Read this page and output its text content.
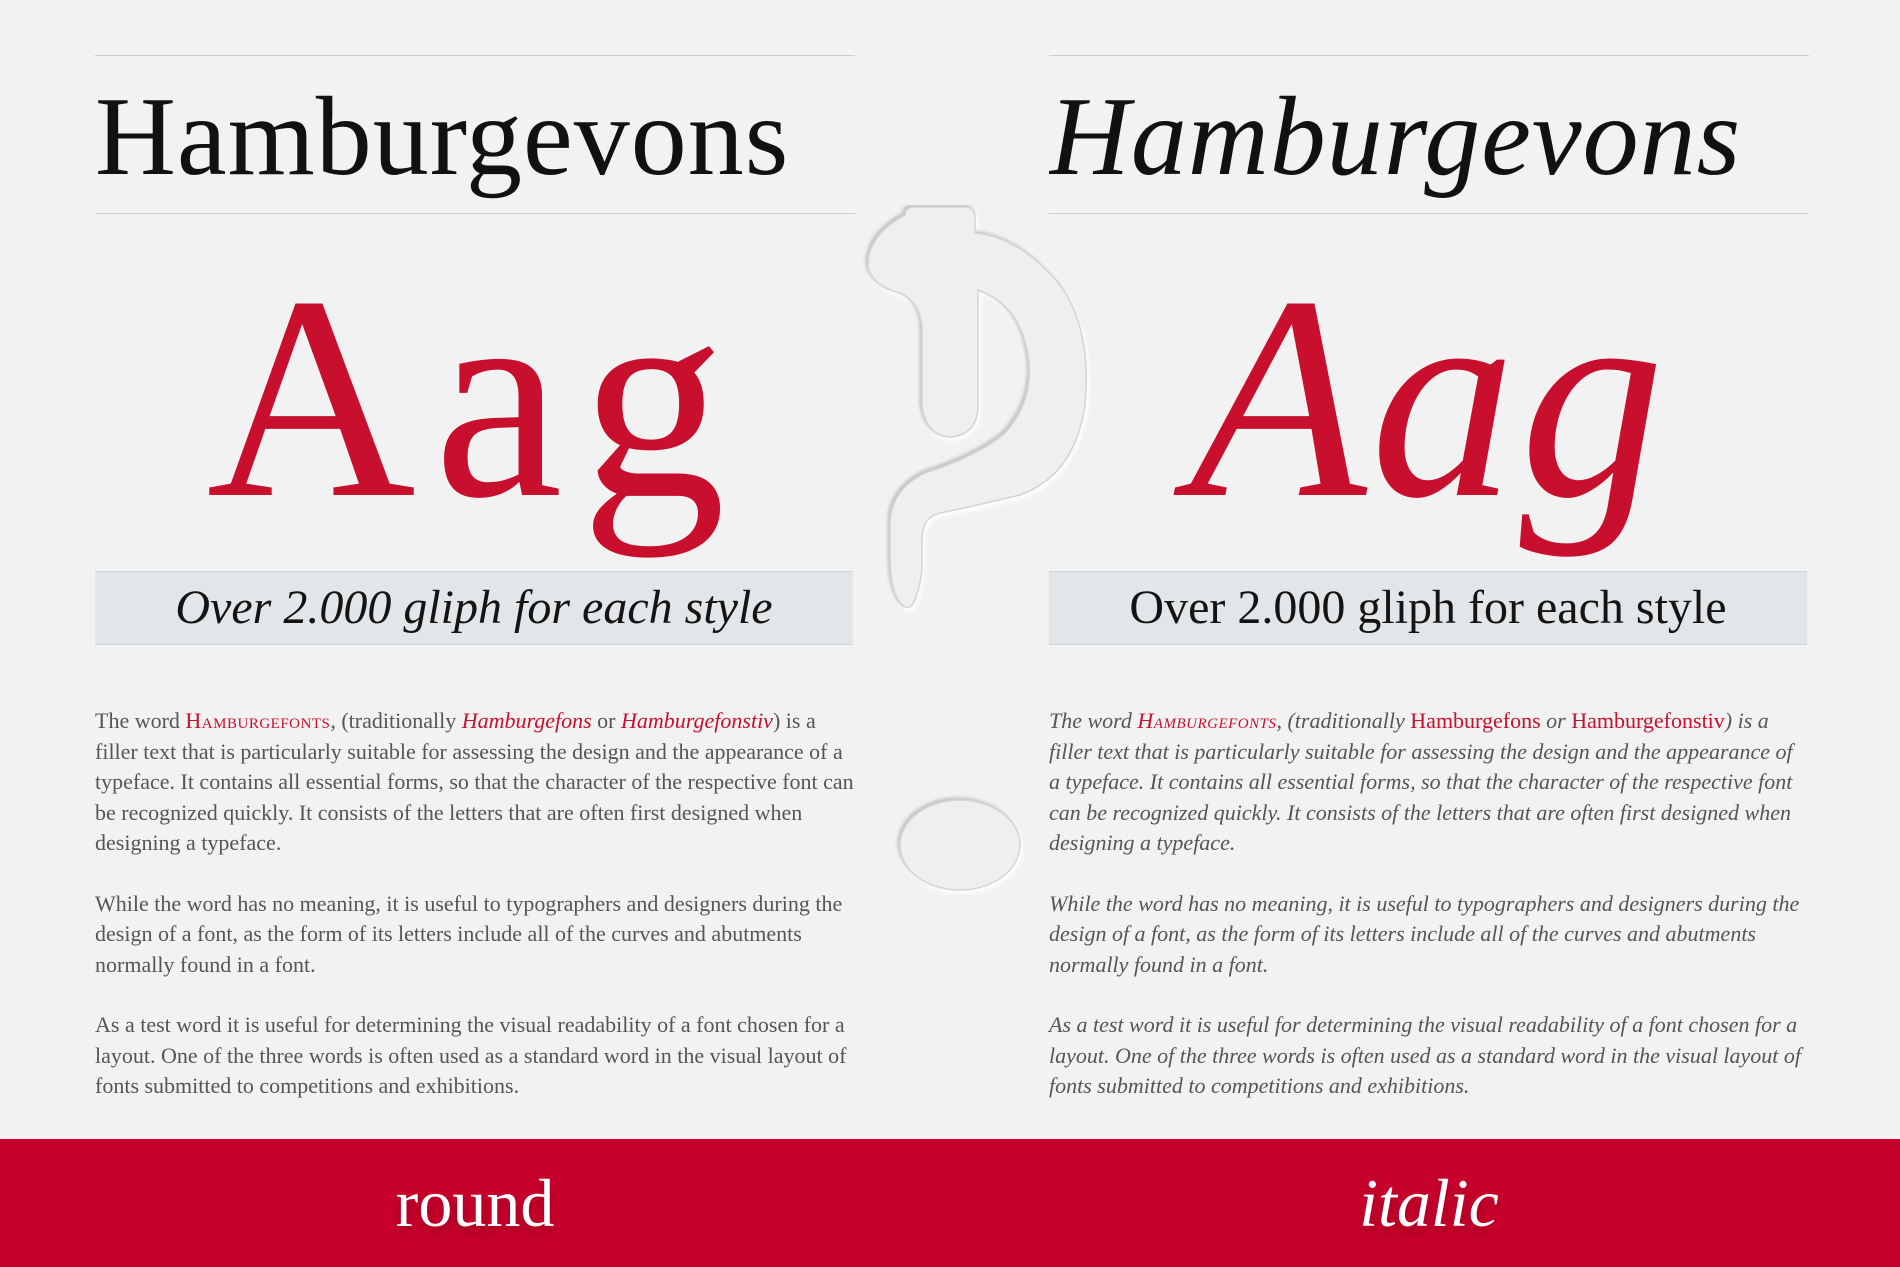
Hamburgevons
Aag
Over 2.000 gliph for each style

The word Hamburgefonts, (traditionally Hamburgefons or Hamburgefonstiv) is a filler text that is particularly suitable for assessing the design and the appearance of a typeface. It contains all essential forms, so that the character of the respective font can be recognized quickly. It consists of the letters that are often first designed when designing a typeface.

While the word has no meaning, it is useful to typographers and designers during the design of a font, as the form of its letters include all of the curves and abutments normally found in a font.

As a test word it is useful for determining the visual readability of a font chosen for a layout. One of the three words is often used as a standard word in the visual layout of fonts submitted to competitions and exhibitions.

Hamburgevons
Aag
Over 2.000 gliph for each style

The word Hamburgefonts, (traditionally Hamburgefons or Hamburgefonstiv) is a filler text that is particularly suitable for assessing the design and the appearance of a typeface. It contains all essential forms, so that the character of the respective font can be recognized quickly. It consists of the letters that are often first designed when designing a typeface.

While the word has no meaning, it is useful to typographers and designers during the design of a font, as the form of its letters include all of the curves and abutments normally found in a font.

As a test word it is useful for determining the visual readability of a font chosen for a layout. One of the three words is often used as a standard word in the visual layout of fonts submitted to competitions and exhibitions.

round	italic
